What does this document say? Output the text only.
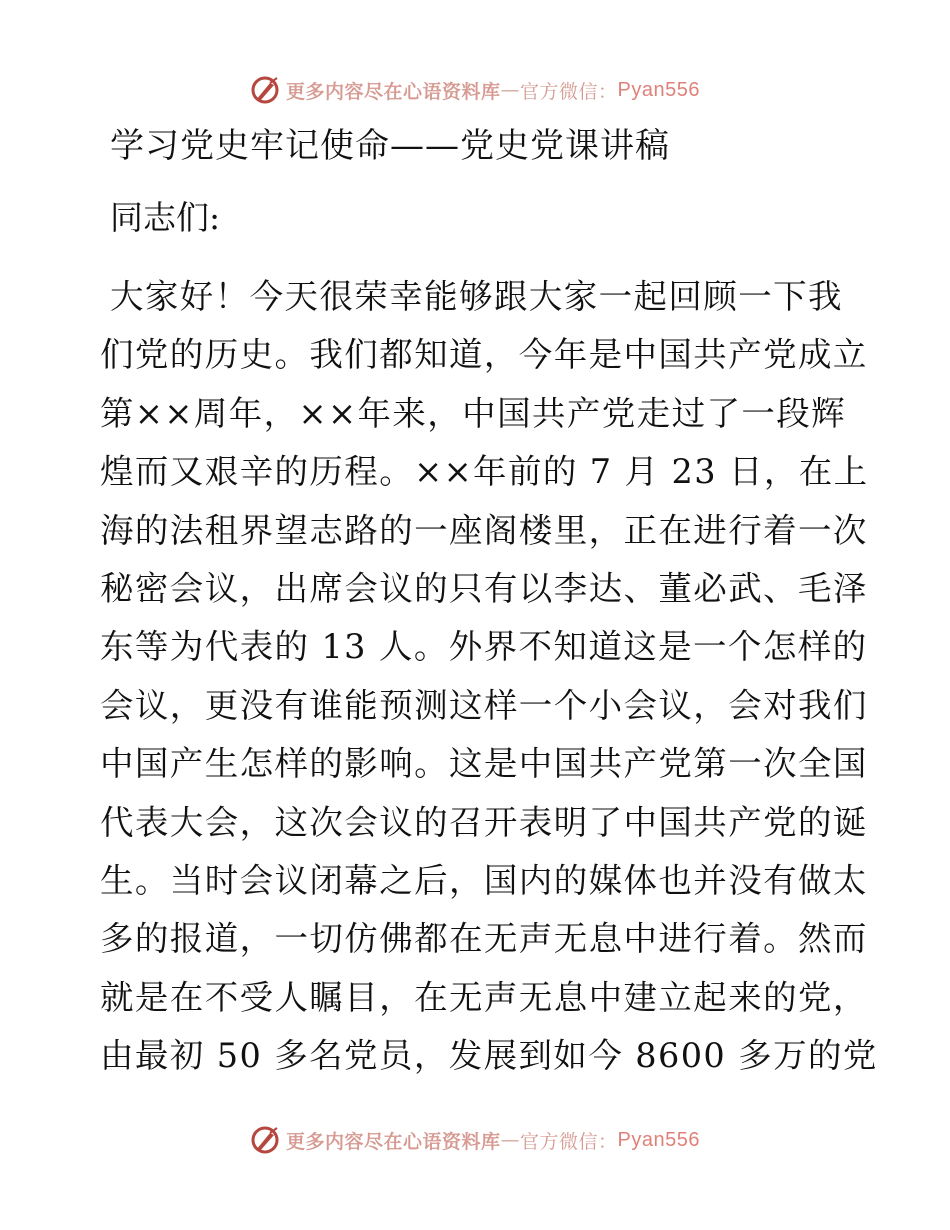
更多内容尽在心语资料库 — 官方微信： Pyan556
学习党史牢记使命——党史党课讲稿
同志们:
大家好！今天很荣幸能够跟大家一起回顾一下我
们党的历史。我们都知道，今年是中国共产党成立
第××周年，××年来，中国共产党走过了一段辉
煌而又艰辛的历程。××年前的 7 月 23 日，在上
海的法租界望志路的一座阁楼里，正在进行着一次
秘密会议，出席会议的只有以李达、董必武、毛泽
东等为代表的 13 人。外界不知道这是一个怎样的
会议，更没有谁能预测这样一个小会议，会对我们
中国产生怎样的影响。这是中国共产党第一次全国
代表大会，这次会议的召开表明了中国共产党的诞
生。当时会议闭幕之后，国内的媒体也并没有做太
多的报道，一切仿佛都在无声无息中进行着。然而
就是在不受人瞩目，在无声无息中建立起来的党，
由最初 50 多名党员，发展到如今 8600 多万的党
更多内容尽在心语资料库 — 官方微信： Pyan556
